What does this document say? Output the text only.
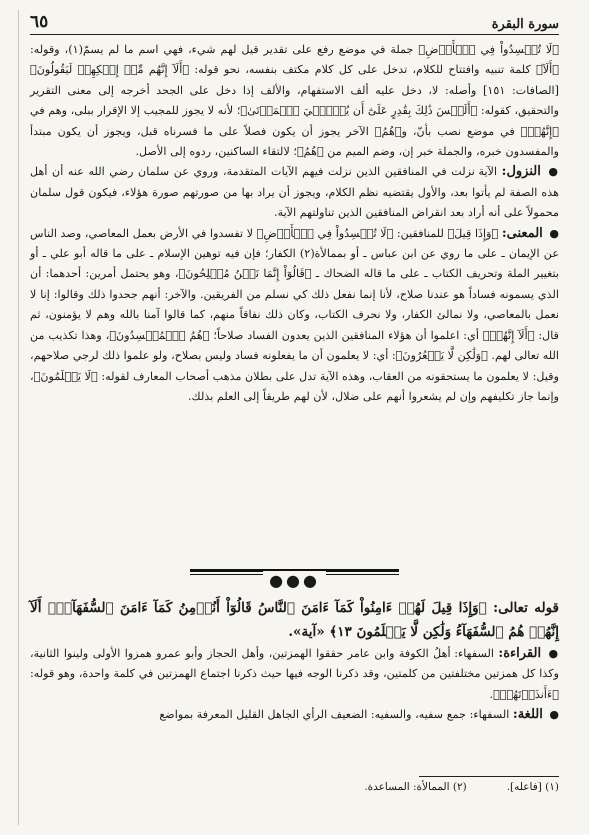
سورة البقرة
٦٥

﴿لَا تُفۡسِدُواْ فِي ٱلۡأَرۡضِ﴾ جملة في موضع رفع على تقدير قيل لهم شيء، فهي اسم ما لم يسمّ(١)، وقوله: ﴿أَلَآ﴾ كلمة تنبيه وافتتاح للكلام، تدخل على كل كلام مكتف بنفسه، نحو قوله: ﴿أَلَآ إِنَّهُم مِّنۡ إِفۡكِهِمۡ لَيَقُولُونَ﴾ [الصافات: ١٥١] وأصله: لا، دخل عليه ألف الاستفهام، والألف إذا دخل على الجحد أخرجه إلى معنى التقرير والتحقيق، كقوله: ﴿أَلَيۡسَ ذَٰلِكَ بِقَٰدِرٍ عَلَىٰٓ أَن يُحۡـِۧيَ ٱلۡمَوۡتَىٰ﴾؛ لأنه لا يجوز للمجيب إلا الإقرار ببلى، وهم في ﴿إِنَّهُمۡ﴾ في موضع نصب بأنّ، و﴿هُمُ﴾ الآخر يجوز أن يكون فصلاً على ما فسرناه قبل، ويجوز أن يكون مبتدأ والمفسدون خبره، والجملة خبر إن، وضم الميم من ﴿هُمُ﴾؛ لالتقاء الساكنين، ردوه إلى الأصل.

● النزول: الآية نزلت في المنافقين الذين نزلت فيهم الآيات المتقدمة، وروي عن سلمان رضي الله عنه أن أهل هذه الصفة لم يأتوا بعد، والأول يقتضيه نظم الكلام، ويجوز أن يراد بها من صورتهم صورة هؤلاء، فيكون قول سلمان محمولاً على أنه أراد بعد انقراض المنافقين الذين تناولتهم الآية.

● المعنى: ﴿وَإِذَا قِيلَ﴾ للمنافقين: ﴿لَا تُفۡسِدُواْ فِي ٱلۡأَرۡضِ﴾ لا تفسدوا في الأرض بعمل المعاصي، وصد الناس عن الإيمان ـ على ما روي عن ابن عباس ـ أو بممالأة(٢) الكفار؛ فإن فيه توهين الإسلام ـ على ما قاله أبو علي ـ أو بتغيير الملة وتحريف الكتاب ـ على ما قاله الضحاك ـ ﴿قَالُوٓاْ إِنَّمَا نَحۡنُ مُصۡلِحُونَ﴾، وهو يحتمل أمرين: أحدهما: أن الذي يسمونه فساداً هو عندنا صلاح، لأنا إنما نفعل ذلك كي نسلم من الفريقين. والآخر: أنهم جحدوا ذلك وقالوا: إنا لا نعمل بالمعاصي، ولا نمالئ الكفار، ولا نحرف الكتاب، وكان ذلك نفاقاً منهم، كما قالوا آمنا بالله وهم لا يؤمنون، ثم قال: ﴿أَلَآ إِنَّهُمۡ﴾ أي: اعلموا أن هؤلاء المنافقين الذين يعدون الفساد صلاحاً؛ ﴿هُمُ ٱلۡمُفۡسِدُونَ﴾، وهذا تكذيب من الله تعالى لهم. ﴿وَلَٰكِن لَّا يَشۡعُرُونَ﴾: أي: لا يعلمون أن ما يفعلونه فساد وليس بصلاح، ولو علموا ذلك لرجي صلاحهم، وقيل: لا يعلمون ما يستحقونه من العقاب، وهذه الآية تدل على بطلان مذهب أصحاب المعارف لقوله: ﴿لَا يَعۡلَمُونَ﴾، وإنما جاز تكليفهم وإن لم يشعروا أنهم على ضلال، لأن لهم طريقاً إلى العلم بذلك.

●●●

قوله تعالى: ﴿وَإِذَا قِيلَ لَهُمۡ ءَامِنُواْ كَمَآ ءَامَنَ ٱلنَّاسُ قَالُوٓاْ أَنُؤۡمِنُ كَمَآ ءَامَنَ ٱلسُّفَهَآءُۗ أَلَآ إِنَّهُمۡ هُمُ ٱلسُّفَهَآءُ وَلَٰكِن لَّا يَعۡلَمُونَ ١٣﴾ «آية».

● القراءة: السفهاء: أهلُ الكوفة وابن عامر حققوا الهمزتين، وأهل الحجاز وأبو عمرو همزوا الأولى ولينوا الثانية، وكذا كل همزتين مختلفتين من كلمتين، وقد ذكرنا الوجه فيها حيث ذكرنا اجتماع الهمزتين في كلمة واحدة، وهو قوله: ﴿ءَأَنذَرۡتَهُمۡ﴾.

● اللغة: السفهاء: جمع سفيه، والسفيه: الضعيف الرأي الجاهل القليل المعرفة بمواضع

(١) [فاعله].
(٢) الممالأة: المساعدة.
